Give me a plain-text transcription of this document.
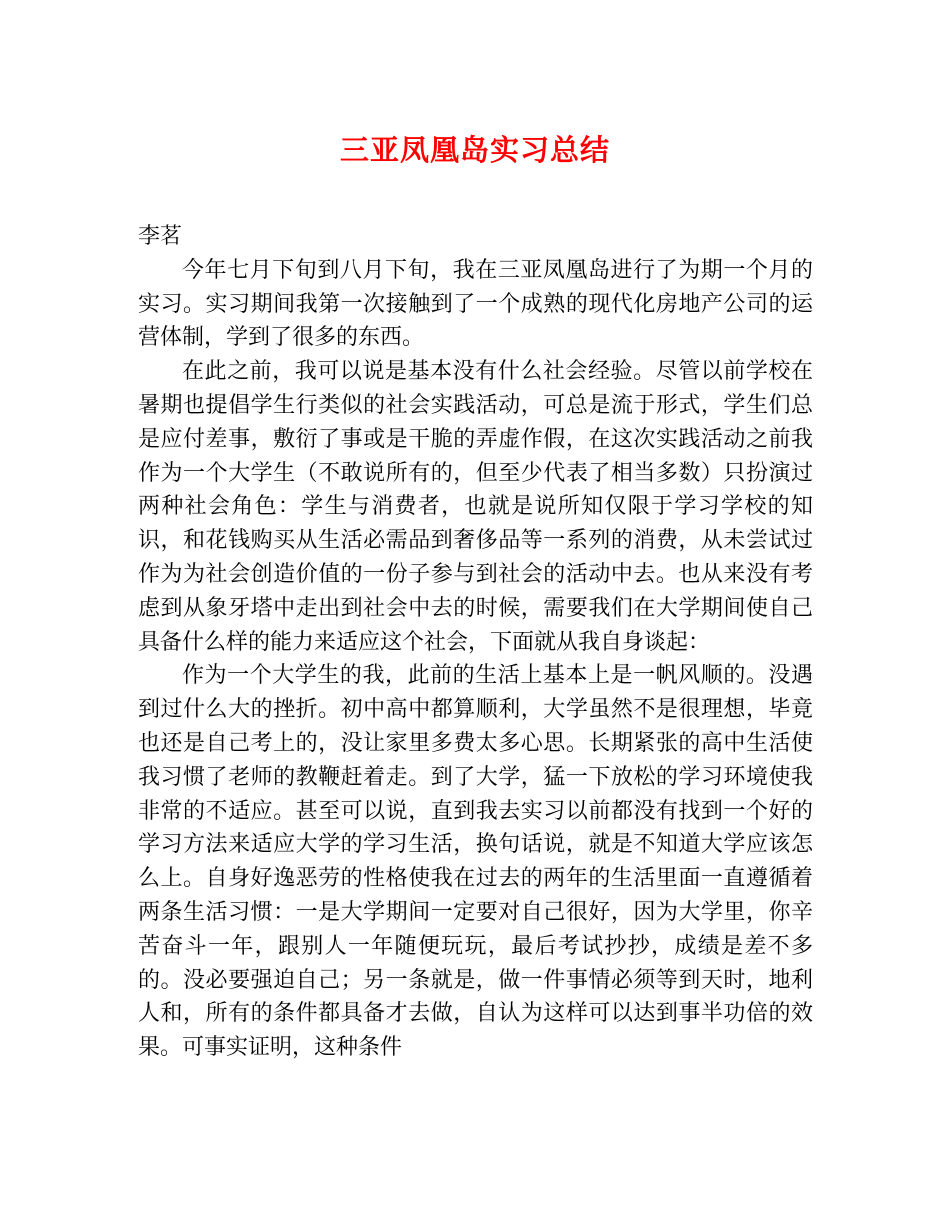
三亚凤凰岛实习总结

李茗

今年七月下旬到八月下旬，我在三亚凤凰岛进行了为期一个月的实习。实习期间我第一次接触到了一个成熟的现代化房地产公司的运营体制，学到了很多的东西。

在此之前，我可以说是基本没有什么社会经验。尽管以前学校在暑期也提倡学生行类似的社会实践活动，可总是流于形式，学生们总是应付差事，敷衍了事或是干脆的弄虚作假，在这次实践活动之前我作为一个大学生（不敢说所有的，但至少代表了相当多数）只扮演过两种社会角色：学生与消费者，也就是说所知仅限于学习学校的知识，和花钱购买从生活必需品到奢侈品等一系列的消费，从未尝试过作为为社会创造价值的一份子参与到社会的活动中去。也从来没有考虑到从象牙塔中走出到社会中去的时候，需要我们在大学期间使自己具备什么样的能力来适应这个社会，下面就从我自身谈起：

作为一个大学生的我，此前的生活上基本上是一帆风顺的。没遇到过什么大的挫折。初中高中都算顺利，大学虽然不是很理想，毕竟也还是自己考上的，没让家里多费太多心思。长期紧张的高中生活使我习惯了老师的教鞭赶着走。到了大学，猛一下放松的学习环境使我非常的不适应。甚至可以说，直到我去实习以前都没有找到一个好的学习方法来适应大学的学习生活，换句话说，就是不知道大学应该怎么上。自身好逸恶劳的性格使我在过去的两年的生活里面一直遵循着两条生活习惯：一是大学期间一定要对自己很好，因为大学里，你辛苦奋斗一年，跟别人一年随便玩玩，最后考试抄抄，成绩是差不多的。没必要强迫自己；另一条就是，做一件事情必须等到天时，地利人和，所有的条件都具备才去做，自认为这样可以达到事半功倍的效果。可事实证明，这种条件
